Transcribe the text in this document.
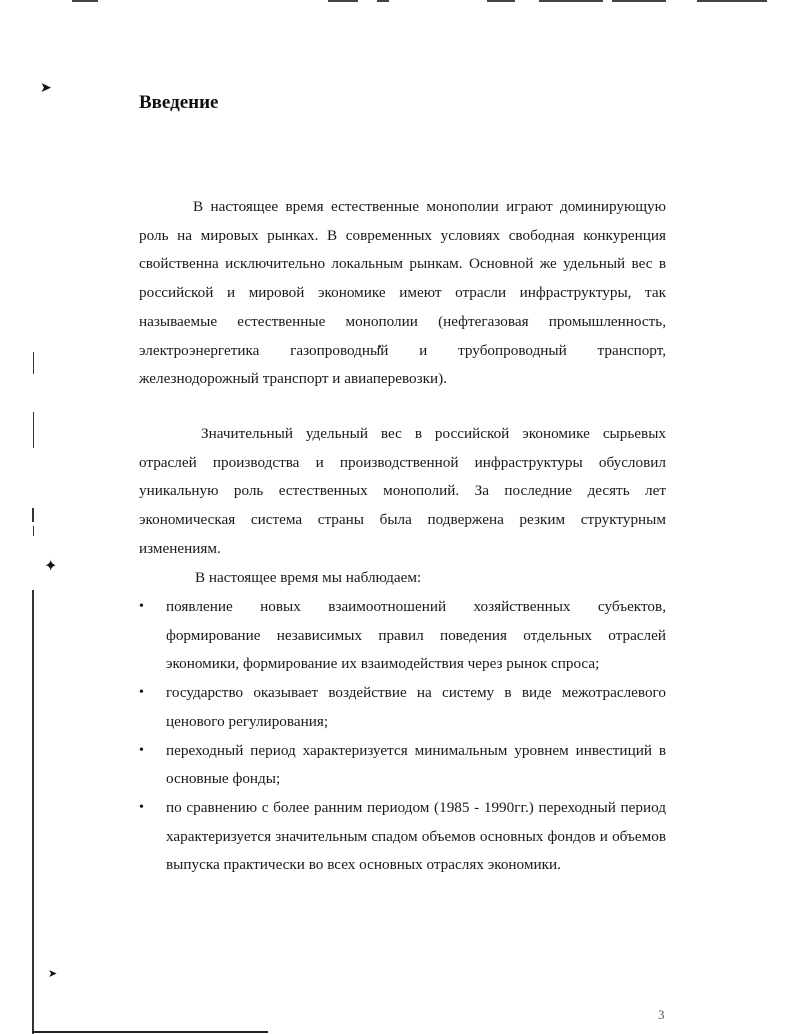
➤
✦
➤
Введение
В настоящее время естественные монополии играют доминирующую роль на мировых рынках. В современных условиях свободная конкуренция свойственна исключительно локальным рынкам. Основной же удельный вес в российской и мировой экономике имеют отрасли инфраструктуры, так называемые естественные монополии (нефтегазовая промышленность, электроэнергетика газопроводный и трубопроводный транспорт, железнодорожный транспорт и авиаперевозки).
Значительный удельный вес в российской экономике сырьевых отраслей производства и производственной инфраструктуры обусловил уникальную роль естественных монополий. За последние десять лет экономическая система страны была подвержена резким структурным изменениям.
В настоящее время мы наблюдаем:
•	появление новых взаимоотношений хозяйственных субъектов, формирование независимых правил поведения отдельных отраслей экономики, формирование их взаимодействия через рынок спроса;
•	государство оказывает воздействие на систему в виде межотраслевого ценового регулирования;
•	переходный период характеризуется минимальным уровнем инвестиций в основные фонды;
•	по сравнению с более ранним периодом (1985 - 1990гг.) переходный период характеризуется значительным спадом объемов основных фондов и объемов выпуска практически во всех основных отраслях экономики.
3
